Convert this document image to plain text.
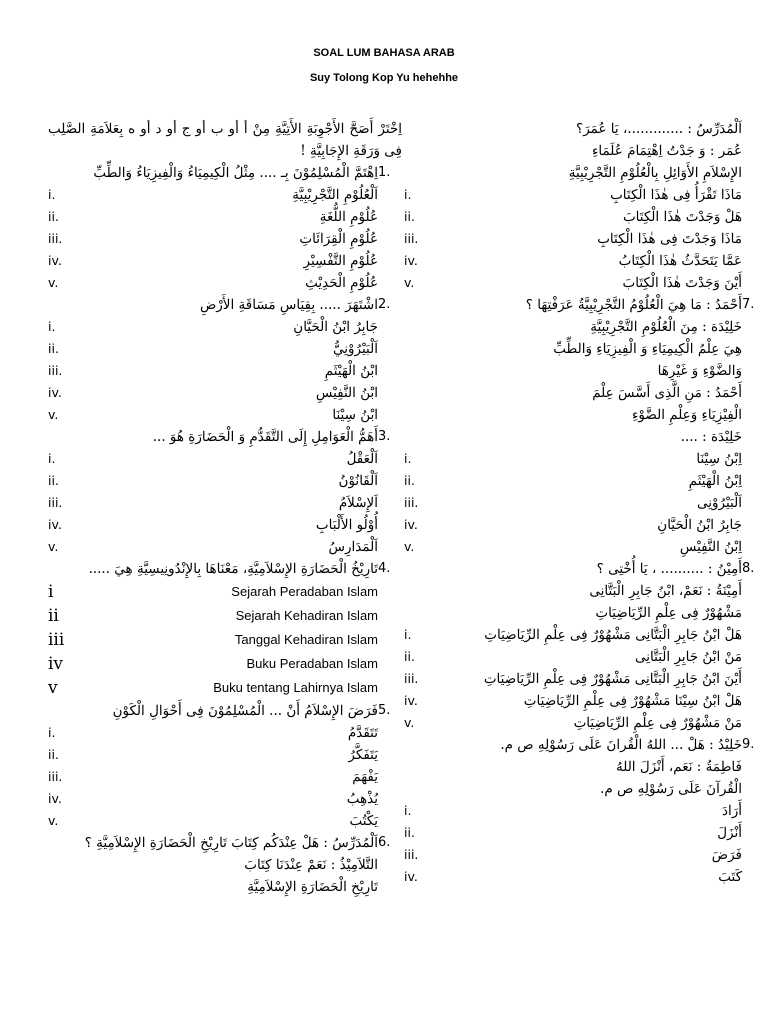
SOAL LUM BAHASA ARAB
Suy Tolong Kop Yu hehehhe
اَلْمُدَرِّسُ : .............، يَا عُمَرَ؟
عُمَر : وَ جَدْتُ اِهْتِمَامَ عُلَمَاءِ
الإِسْلاَمِ الأَوَائِلِ بِالْعُلُوْمِ التَّجْرِيْبِيَّةِ
مَاذَا تَقْرَأُ فِى هٰذَا الْكِتَابِ
i.
هَلْ وَجَدْتَ هٰذَا الْكِتَابَ
ii.
مَاذَا وَجَدْتَ فِى هٰذَا الْكِتَابِ
iii.
عَمَّا يَتَحَدَّثُ هٰذَا الْكِتَابُ
iv.
أَيْنَ وَجَدْتَ هٰذَا الْكِتَابَ
v.
7.
أَحْمَدُ : مَا هِيَ الْعُلُوْمُ التَّجْرِيْبِيَّةُ عَرَفْتِهَا ؟
خَلِيْدَة : مِنَ الْعُلُوْمِ التَّجْرِيْبِيَّةِ
هِيَ عِلْمُ الْكِيمِيَاءِ وَ الْفِيزِيَاءِ وَالطِّبِّ
وَالضَّوْءِ وَ غَيْرِهَا
أَحْمَدُ : مَنِ الَّذِى أَسَّسَ عِلْمَ
الْفِيْزِيَاءِ وَعِلْمِ الضَّوْءِ
خَلِيْدَة : ....
اِبْنُ سِيْنَا
i.
اِبْنُ الْهَيْثَمِ
ii.
اَلْبَيْرُوْنِى
iii.
جَابِرُ ابْنُ الْحَيَّانِ
iv.
اِبْنُ النَّفِيْسِ
v.
8.
أَمِيْنُ : .......... ، يَا أُخْتِى ؟
أَمِيْنَةُ : نَعَمْ، ابْنُ جَابِرِ الْبَتَّانِى
مَشْهُوْرٌ فِى عِلْمِ الرِّيَاضِيَاتِ
هَلْ ابْنُ جَابِرِ الْبَتَّانِى مَشْهُوْرٌ فِى عِلْمِ الرِّيَاضِيَاتِ
i.
مَنْ ابْنُ جَابِرِ الْبَتَّانِى
ii.
أَيْنَ ابْنُ جَابِرِ الْبَتَّانِى مَشْهُوْرٌ فِى عِلْمِ الرِّيَاضِيَاتِ
iii.
هَلْ ابْنُ سِيْنَا مَشْهُوْرٌ فِى عِلْمِ الرِّيَاضِيَاتِ
iv.
مَنْ مَشْهُوْرٌ فِى عِلْمِ الرِّيَاضِيَاتِ
v.
9.
خَلِيْدُ : هَلْ ... اللهُ الْقُرانَ عَلَى رَسُوْلِهِ ص م.
فَاطِمَةُ : نَعَم، أَنْزَلَ اللهُ
الْقُرآنَ عَلَى رَسُوْلِهِ ص م.
أَرَادَ
i.
أَنْزَلَ
ii.
فَرَضَ
iii.
كَتَبَ
iv.
اِخْتَرْ أَصَحَّ الأَجْوِبَةِ الأَتِيَّةِ مِنْ أ أو ب أو ج أو د أو ه بِعَلاَمَةِ الصَّلِب فِى وَرَقَةِ الإِجَابِيَّةِ !
1.
اِهْتَمَّ الْمُسْلِمُوْنَ بِـ .... مِثْلُ الْكِيمِيَاءُ وَالْفِيزِيَاءُ وَالطِّبِّ
اَلْعُلُوْمِ التَّجْرِيْبِيَّةِ
i.
عُلُوْمِ اللُّغَةِ
ii.
عُلُوْمِ الْقِرَائَاتِ
iii.
عُلُوْمِ التَّفْسِيْرِ
iv.
عُلُوْمِ الْحَدِيْثِ
v.
2.
اشْتَهَرَ ..... بِقِيَاسِ مَسَاقَةِ الأَرْضِ
جَابِرُ ابْنُ الْحَيَّانِ
i.
اَلْبَيْرُوْنِيُّ
ii.
ابْنُ الْهَيْثَمِ
iii.
ابْنُ النَّفِيْسِ
iv.
ابْنُ سِيْنَا
v.
3.
أَهَمُّ الْعَوَامِلِ إِلَى التَّقَدُّمِ وَ الْحَضَارَةِ هُوَ ...
اَلْعَقْلُ
i.
اَلْقَانُوْنُ
ii.
اَلإِسْلاَمُ
iii.
أُوْلُو الأَلْبَابِ
iv.
اَلْمَدَارِسُ
v.
4.
تَارِيْخُ الْحَضَارَةِ الإِسْلاَمِيَّةِ، مَعْنَاهَا بِالإِنْدُونِيسِيَّةِ هِيَ .....
Sejarah Peradaban Islam
i
Sejarah Kehadiran Islam
ii
Tanggal Kehadiran Islam
iii
Buku Peradaban Islam
iv
Buku tentang Lahirnya Islam
v
5.
فَرَضَ الإِسْلاَمُ أَنْ ... الْمُسْلِمُوْنَ فِى أَحْوَالِ الْكَوْنِ
تَتَقَدَّمُ
i.
يَتَفَكَّرُ
ii.
يَفْهَمَ
iii.
يُذْهِبُ
iv.
يَكْتُبَ
v.
6.
اَلْمُدَرِّسُ : هَلْ عِنْدَكُم كِتَابَ تَارِيْخِ الْحَضَارَةِ الإِسْلاَمِيَّةِ ؟
التَّلاَمِيْذُ : نَعَمْ عِنْدَنَا كِتَابَ
تَارِيْخِ الْحَضَارَةِ الإِسْلاَمِيَّةِ
